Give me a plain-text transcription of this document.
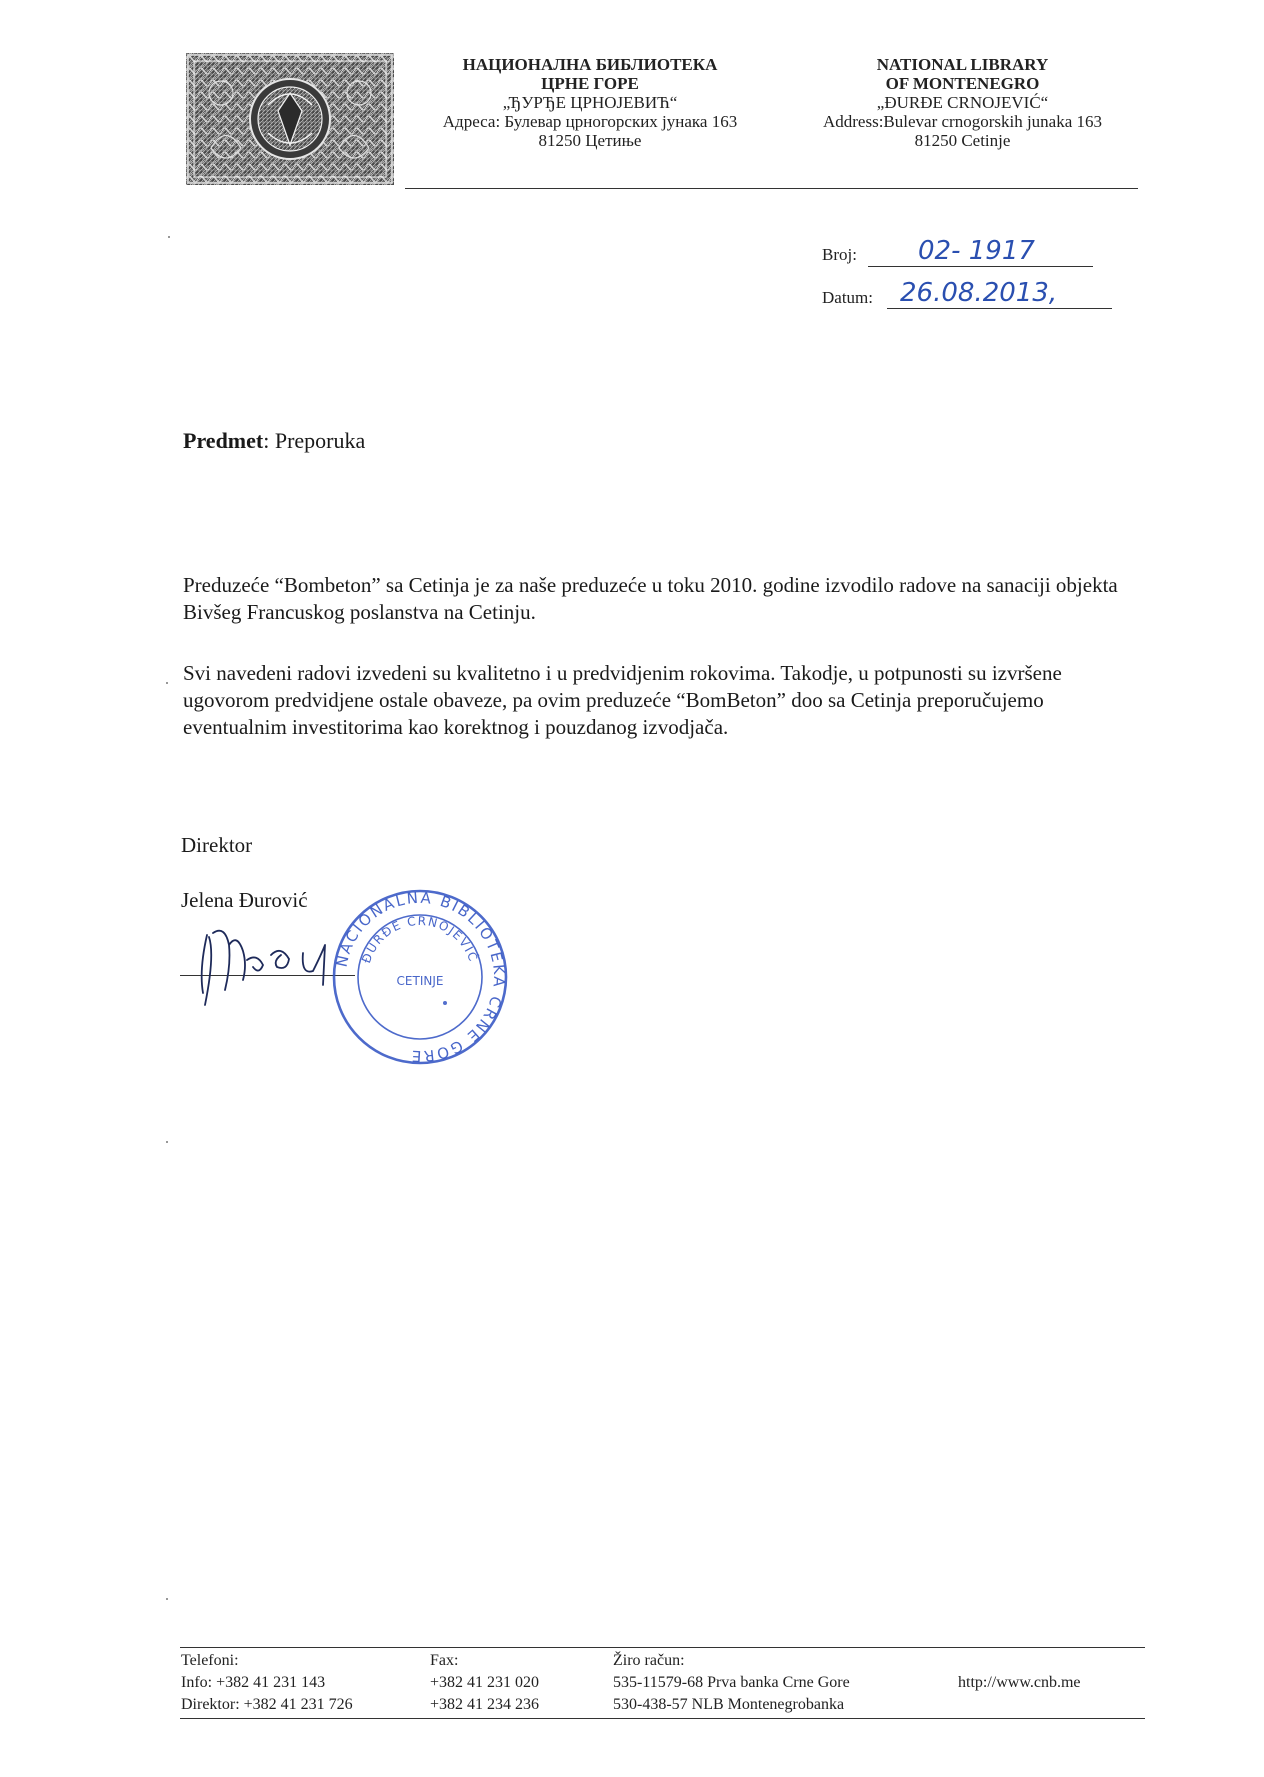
НАЦИОНАЛНА БИБЛИОТЕКА
ЦРНЕ ГОРЕ
„ЂУРЂЕ ЦРНОЈЕВИЋ“
Адреса: Булевар црногорских јунака 163
81250 Цетиње
NATIONAL LIBRARY
OF MONTENEGRO
„ĐURĐE CRNOJEVIĆ“
Address:Bulevar crnogorskih junaka 163
81250 Cetinje
Broj: 02- 1917
Datum: 26.08.2013,
Predmet: Preporuka
Preduzeće “Bombeton” sa Cetinja je za naše preduzeće u toku 2010. godine izvodilo radove na sanaciji objekta Bivšeg Francuskog poslanstva na Cetinju.
Svi navedeni radovi izvedeni su kvalitetno i u predvidjenim rokovima. Takodje, u potpunosti su izvršene ugovorom predvidjene ostale obaveze, pa ovim preduzeće “BomBeton” doo sa Cetinja preporučujemo eventualnim investitorima kao korektnog i pouzdanog izvodjača.
Direktor
Jelena Đurović
NACIONALNA BIBLIOTEKA CRNE GORE
ĐURĐE CRNOJEVIĆ
CETINJE
Telefoni:
Info: +382 41 231 143
Direktor: +382 41 231 726
Fax:
+382 41 231 020
+382 41 234 236
Žiro račun:
535-11579-68 Prva banka Crne Gore
530-438-57 NLB Montenegrobanka
http://www.cnb.me
